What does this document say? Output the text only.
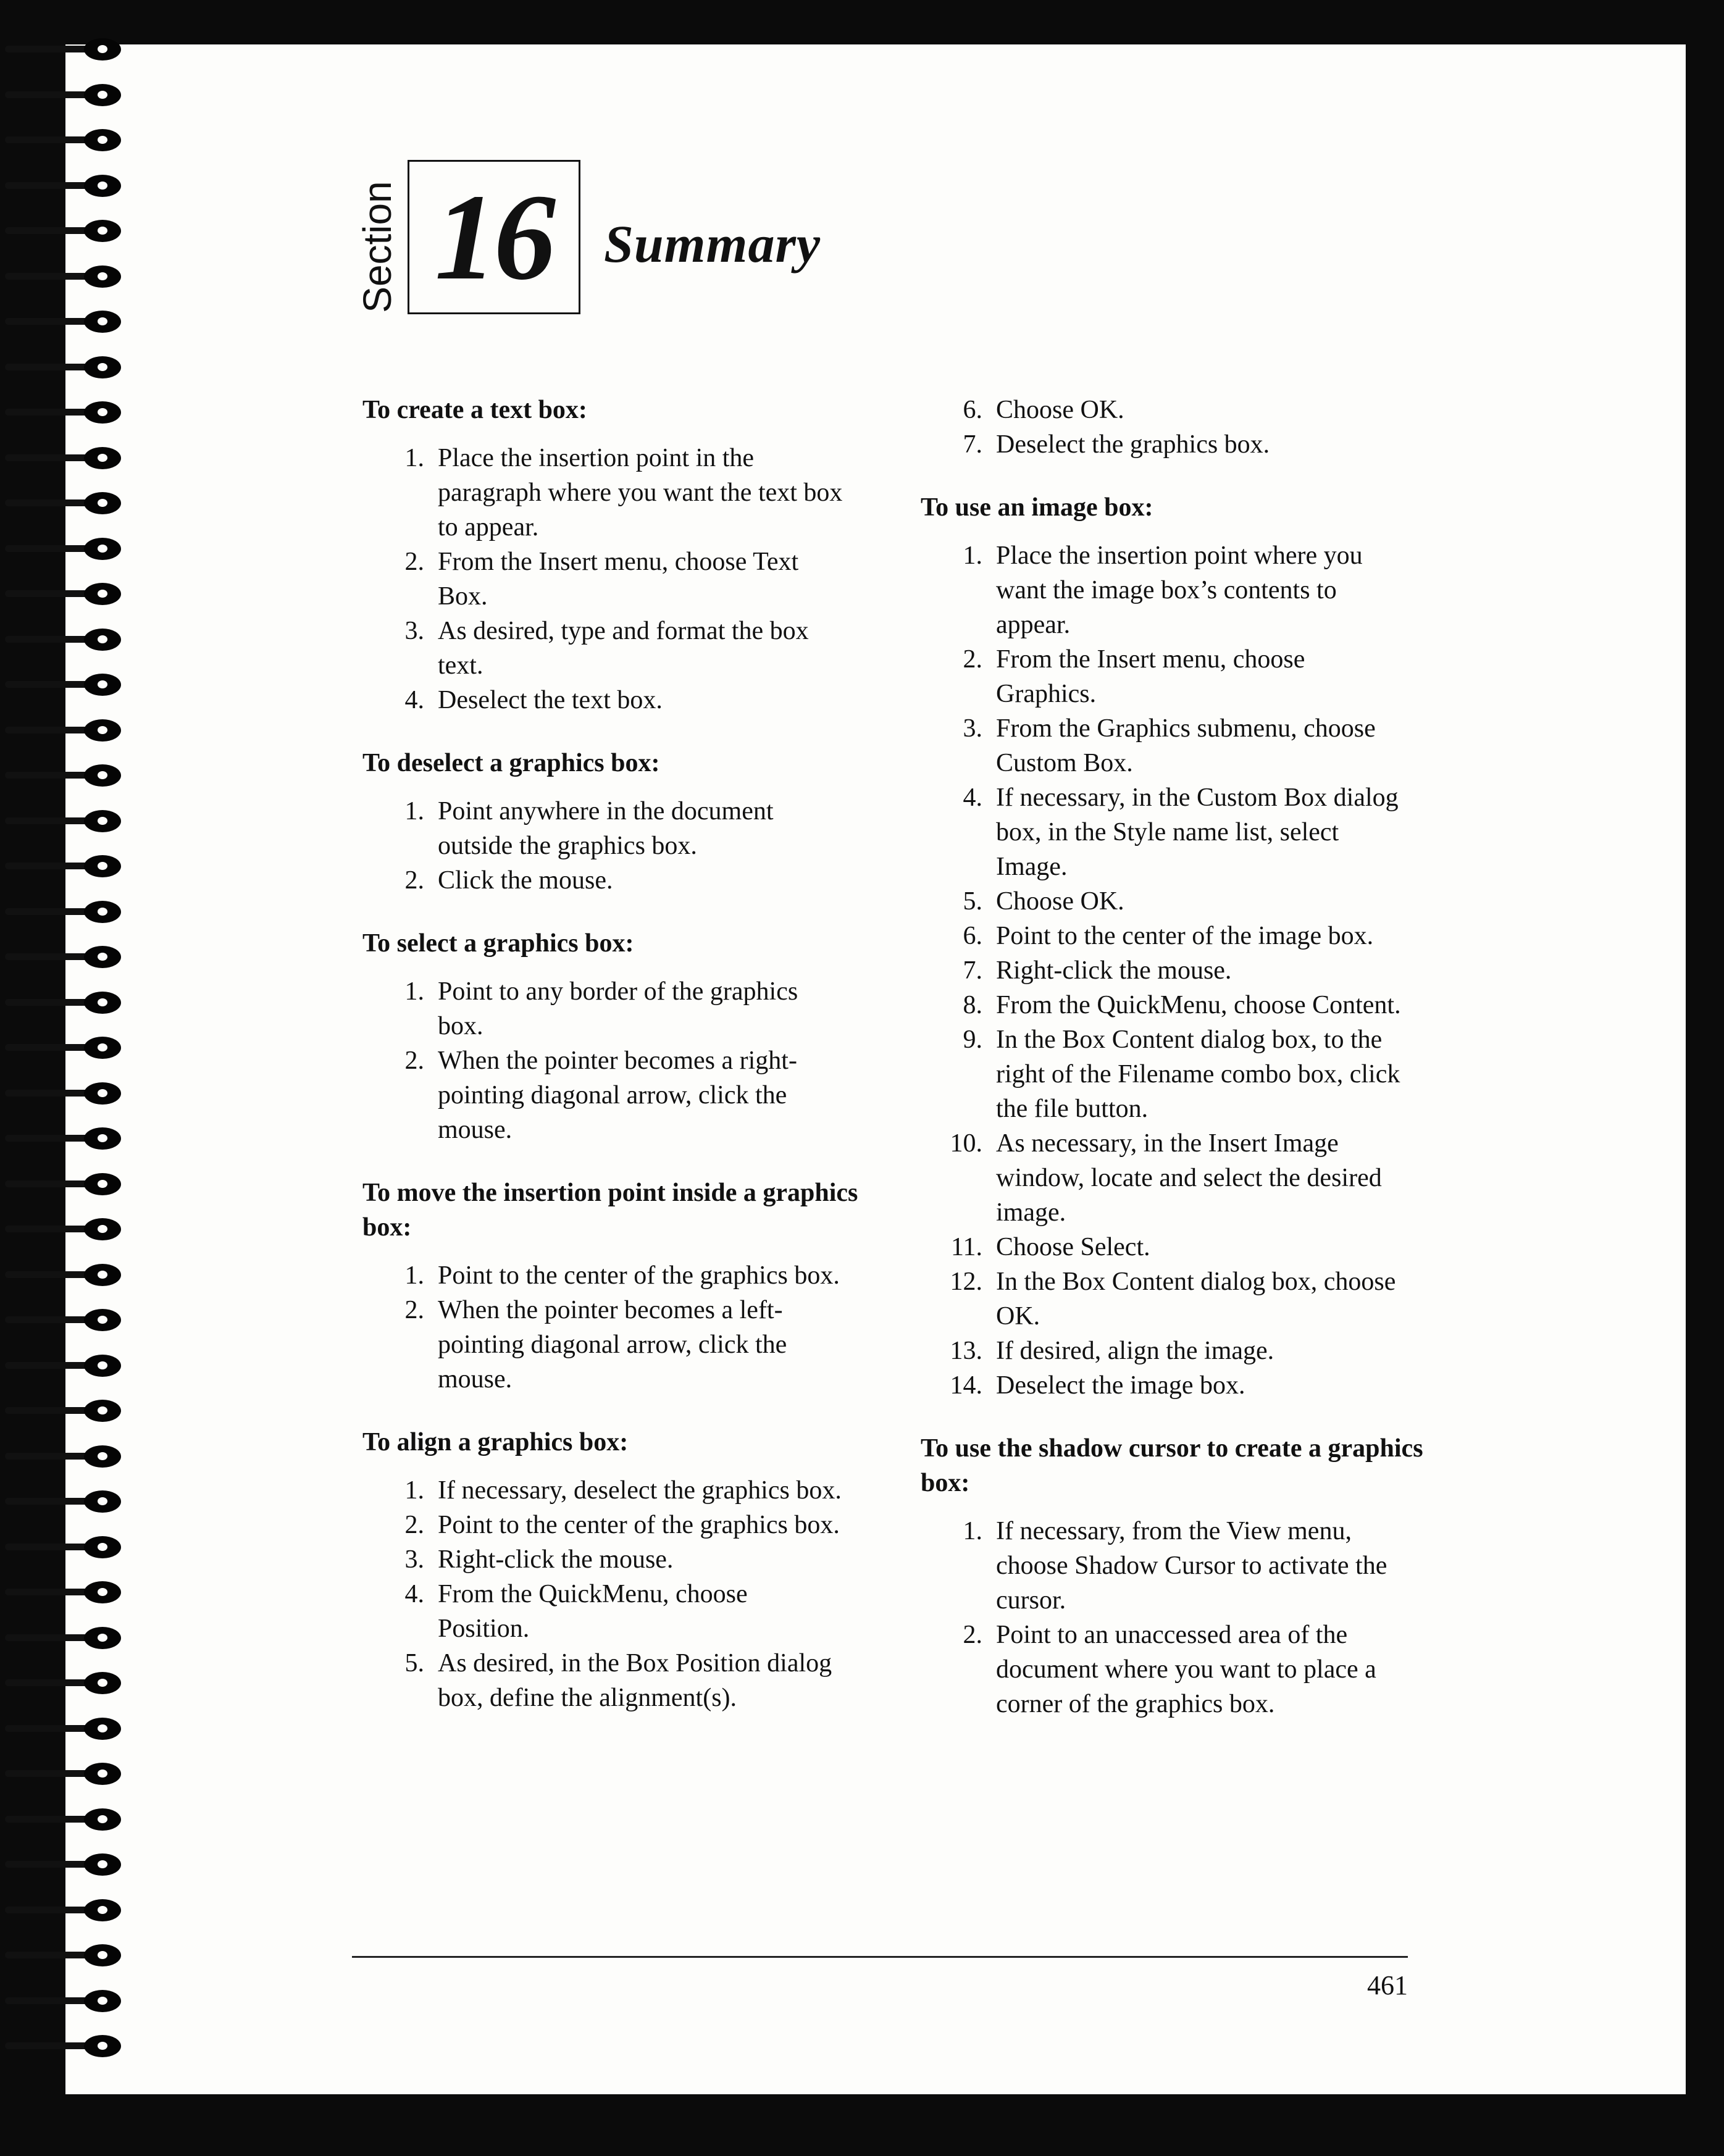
Section 16 Summary
To create a text box:
1. Place the insertion point in the paragraph where you want the text box to appear.
2. From the Insert menu, choose Text Box.
3. As desired, type and format the box text.
4. Deselect the text box.
To deselect a graphics box:
1. Point anywhere in the document outside the graphics box.
2. Click the mouse.
To select a graphics box:
1. Point to any border of the graphics box.
2. When the pointer becomes a right-pointing diagonal arrow, click the mouse.
To move the insertion point inside a graphics box:
1. Point to the center of the graphics box.
2. When the pointer becomes a left-pointing diagonal arrow, click the mouse.
To align a graphics box:
1. If necessary, deselect the graphics box.
2. Point to the center of the graphics box.
3. Right-click the mouse.
4. From the QuickMenu, choose Position.
5. As desired, in the Box Position dialog box, define the alignment(s).
6. Choose OK.
7. Deselect the graphics box.
To use an image box:
1. Place the insertion point where you want the image box’s contents to appear.
2. From the Insert menu, choose Graphics.
3. From the Graphics submenu, choose Custom Box.
4. If necessary, in the Custom Box dialog box, in the Style name list, select Image.
5. Choose OK.
6. Point to the center of the image box.
7. Right-click the mouse.
8. From the QuickMenu, choose Content.
9. In the Box Content dialog box, to the right of the Filename combo box, click the file button.
10. As necessary, in the Insert Image window, locate and select the desired image.
11. Choose Select.
12. In the Box Content dialog box, choose OK.
13. If desired, align the image.
14. Deselect the image box.
To use the shadow cursor to create a graphics box:
1. If necessary, from the View menu, choose Shadow Cursor to activate the cursor.
2. Point to an unaccessed area of the document where you want to place a corner of the graphics box.
461
